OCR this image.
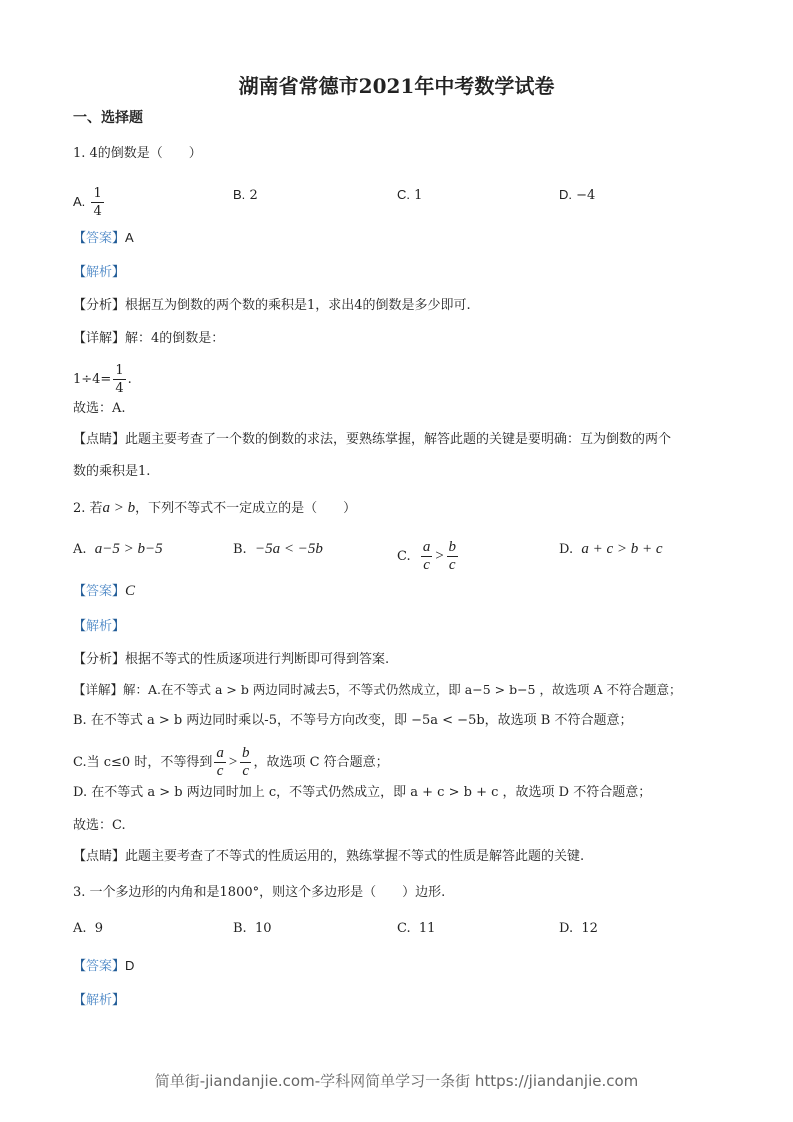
湖南省常德市2021年中考数学试卷
一、选择题
1. 4的倒数是（　　）
A. $\frac{1}{4}$	B. 2	C. 1	D. −4
【答案】A
【解析】
【分析】根据互为倒数的两个数的乘积是1，求出4的倒数是多少即可.
【详解】解：4的倒数是：
$1\div 4= \frac{1}{4}$ .
故选：A.
【点睛】此题主要考查了一个数的倒数的求法，要熟练掌握，解答此题的关键是要明确：互为倒数的两个
数的乘积是1.
2. 若a > b，下列不等式不一定成立的是（　　）
A. a−5 > b−5	B. −5a < −5b	C. $\frac{a}{c} > \frac{b}{c}$	D. a + c > b + c
【答案】C
【解析】
【分析】根据不等式的性质逐项进行判断即可得到答案.
【详解】解：A.在不等式 a > b 两边同时减去5，不等式仍然成立，即 a−5 > b−5 ，故选项 A 不符合题意；
B. 在不等式 a > b 两边同时乘以-5，不等号方向改变，即 −5a < −5b，故选项 B 不符合题意；
C.当 c≤0 时，不等得到 $\frac{a}{c} > \frac{b}{c}$ ，故选项 C 符合题意；
D. 在不等式 a > b 两边同时加上 c，不等式仍然成立，即 a + c > b + c ，故选项 D 不符合题意；
故选：C.
【点睛】此题主要考查了不等式的性质运用的，熟练掌握不等式的性质是解答此题的关键.
3. 一个多边形的内角和是1800°，则这个多边形是（　　）边形.
A. 9	B. 10	C. 11	D. 12
【答案】D
【解析】
简单街-jiandanjie.com-学科网简单学习一条街 https://jiandanjie.com
